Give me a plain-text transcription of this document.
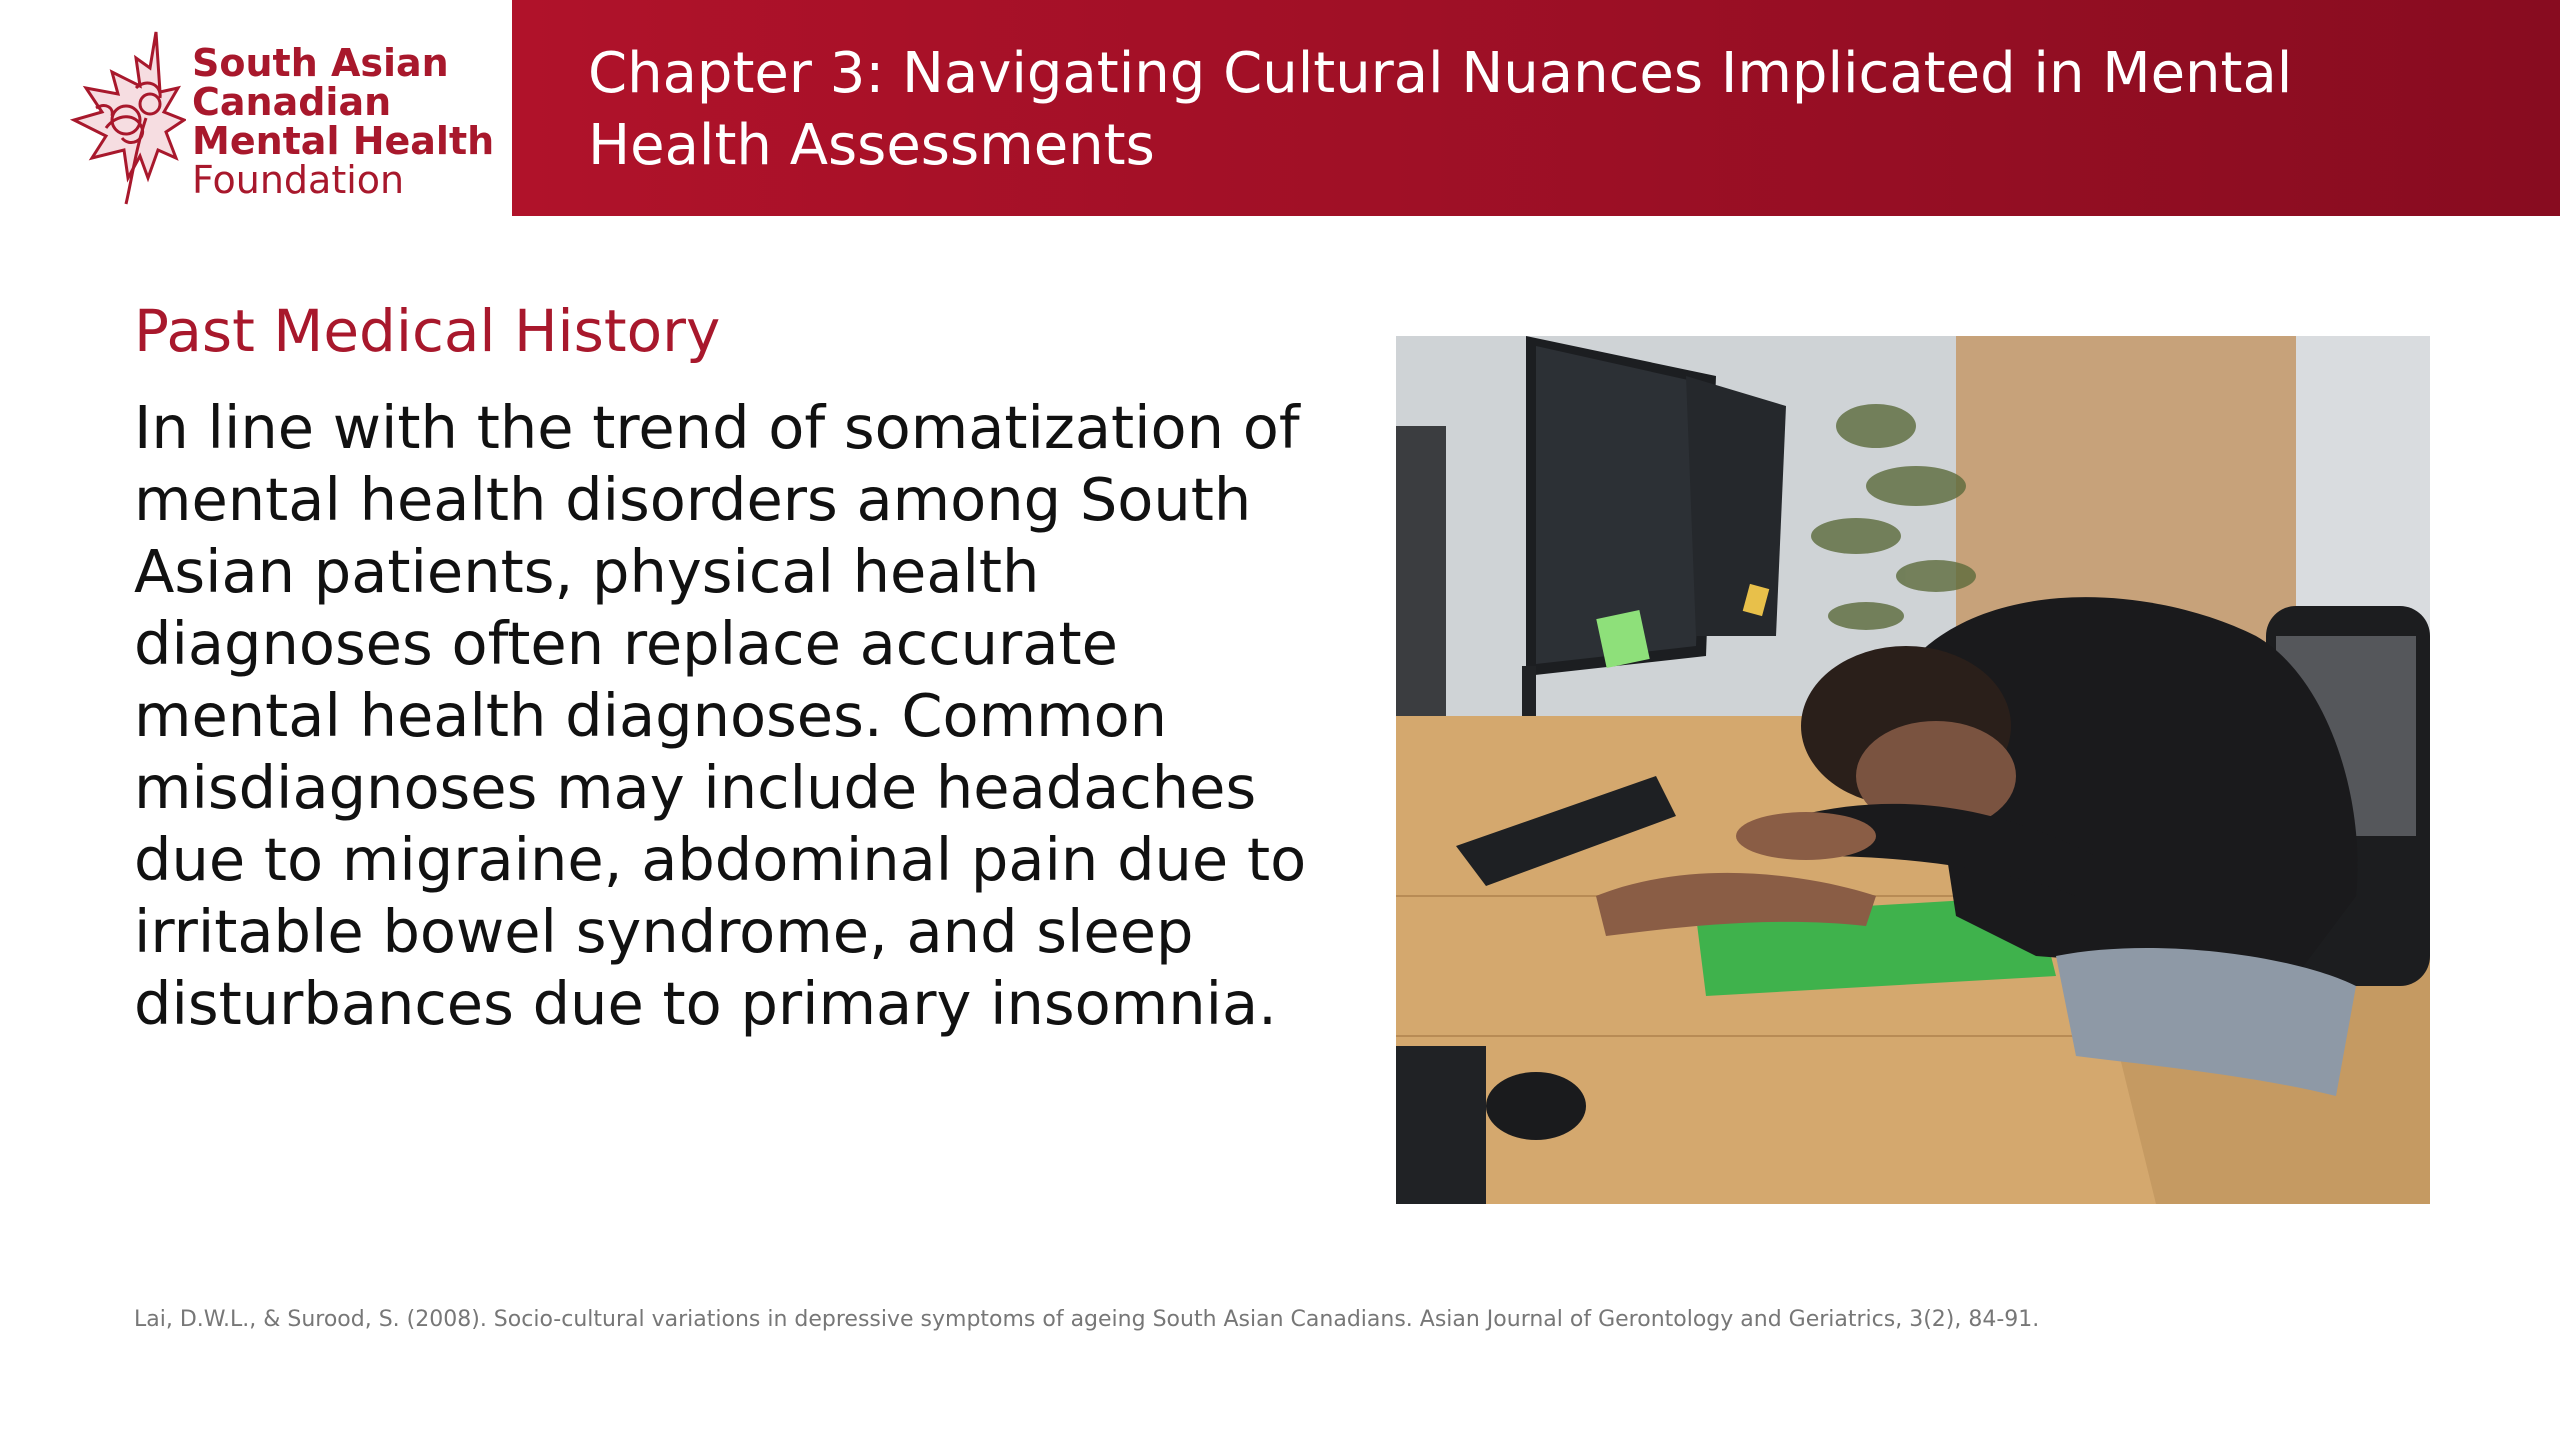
South Asian
Canadian
Mental Health
Foundation
Chapter 3: Navigating Cultural Nuances Implicated in Mental Health Assessments
Past Medical History
In line with the trend of somatization of mental health disorders among South Asian patients, physical health diagnoses often replace accurate mental health diagnoses. Common misdiagnoses may include headaches due to migraine, abdominal pain due to irritable bowel syndrome, and sleep disturbances due to primary insomnia.
Lai, D.W.L., & Surood, S. (2008). Socio-cultural variations in depressive symptoms of ageing South Asian Canadians. Asian Journal of Gerontology and Geriatrics, 3(2), 84-91.
